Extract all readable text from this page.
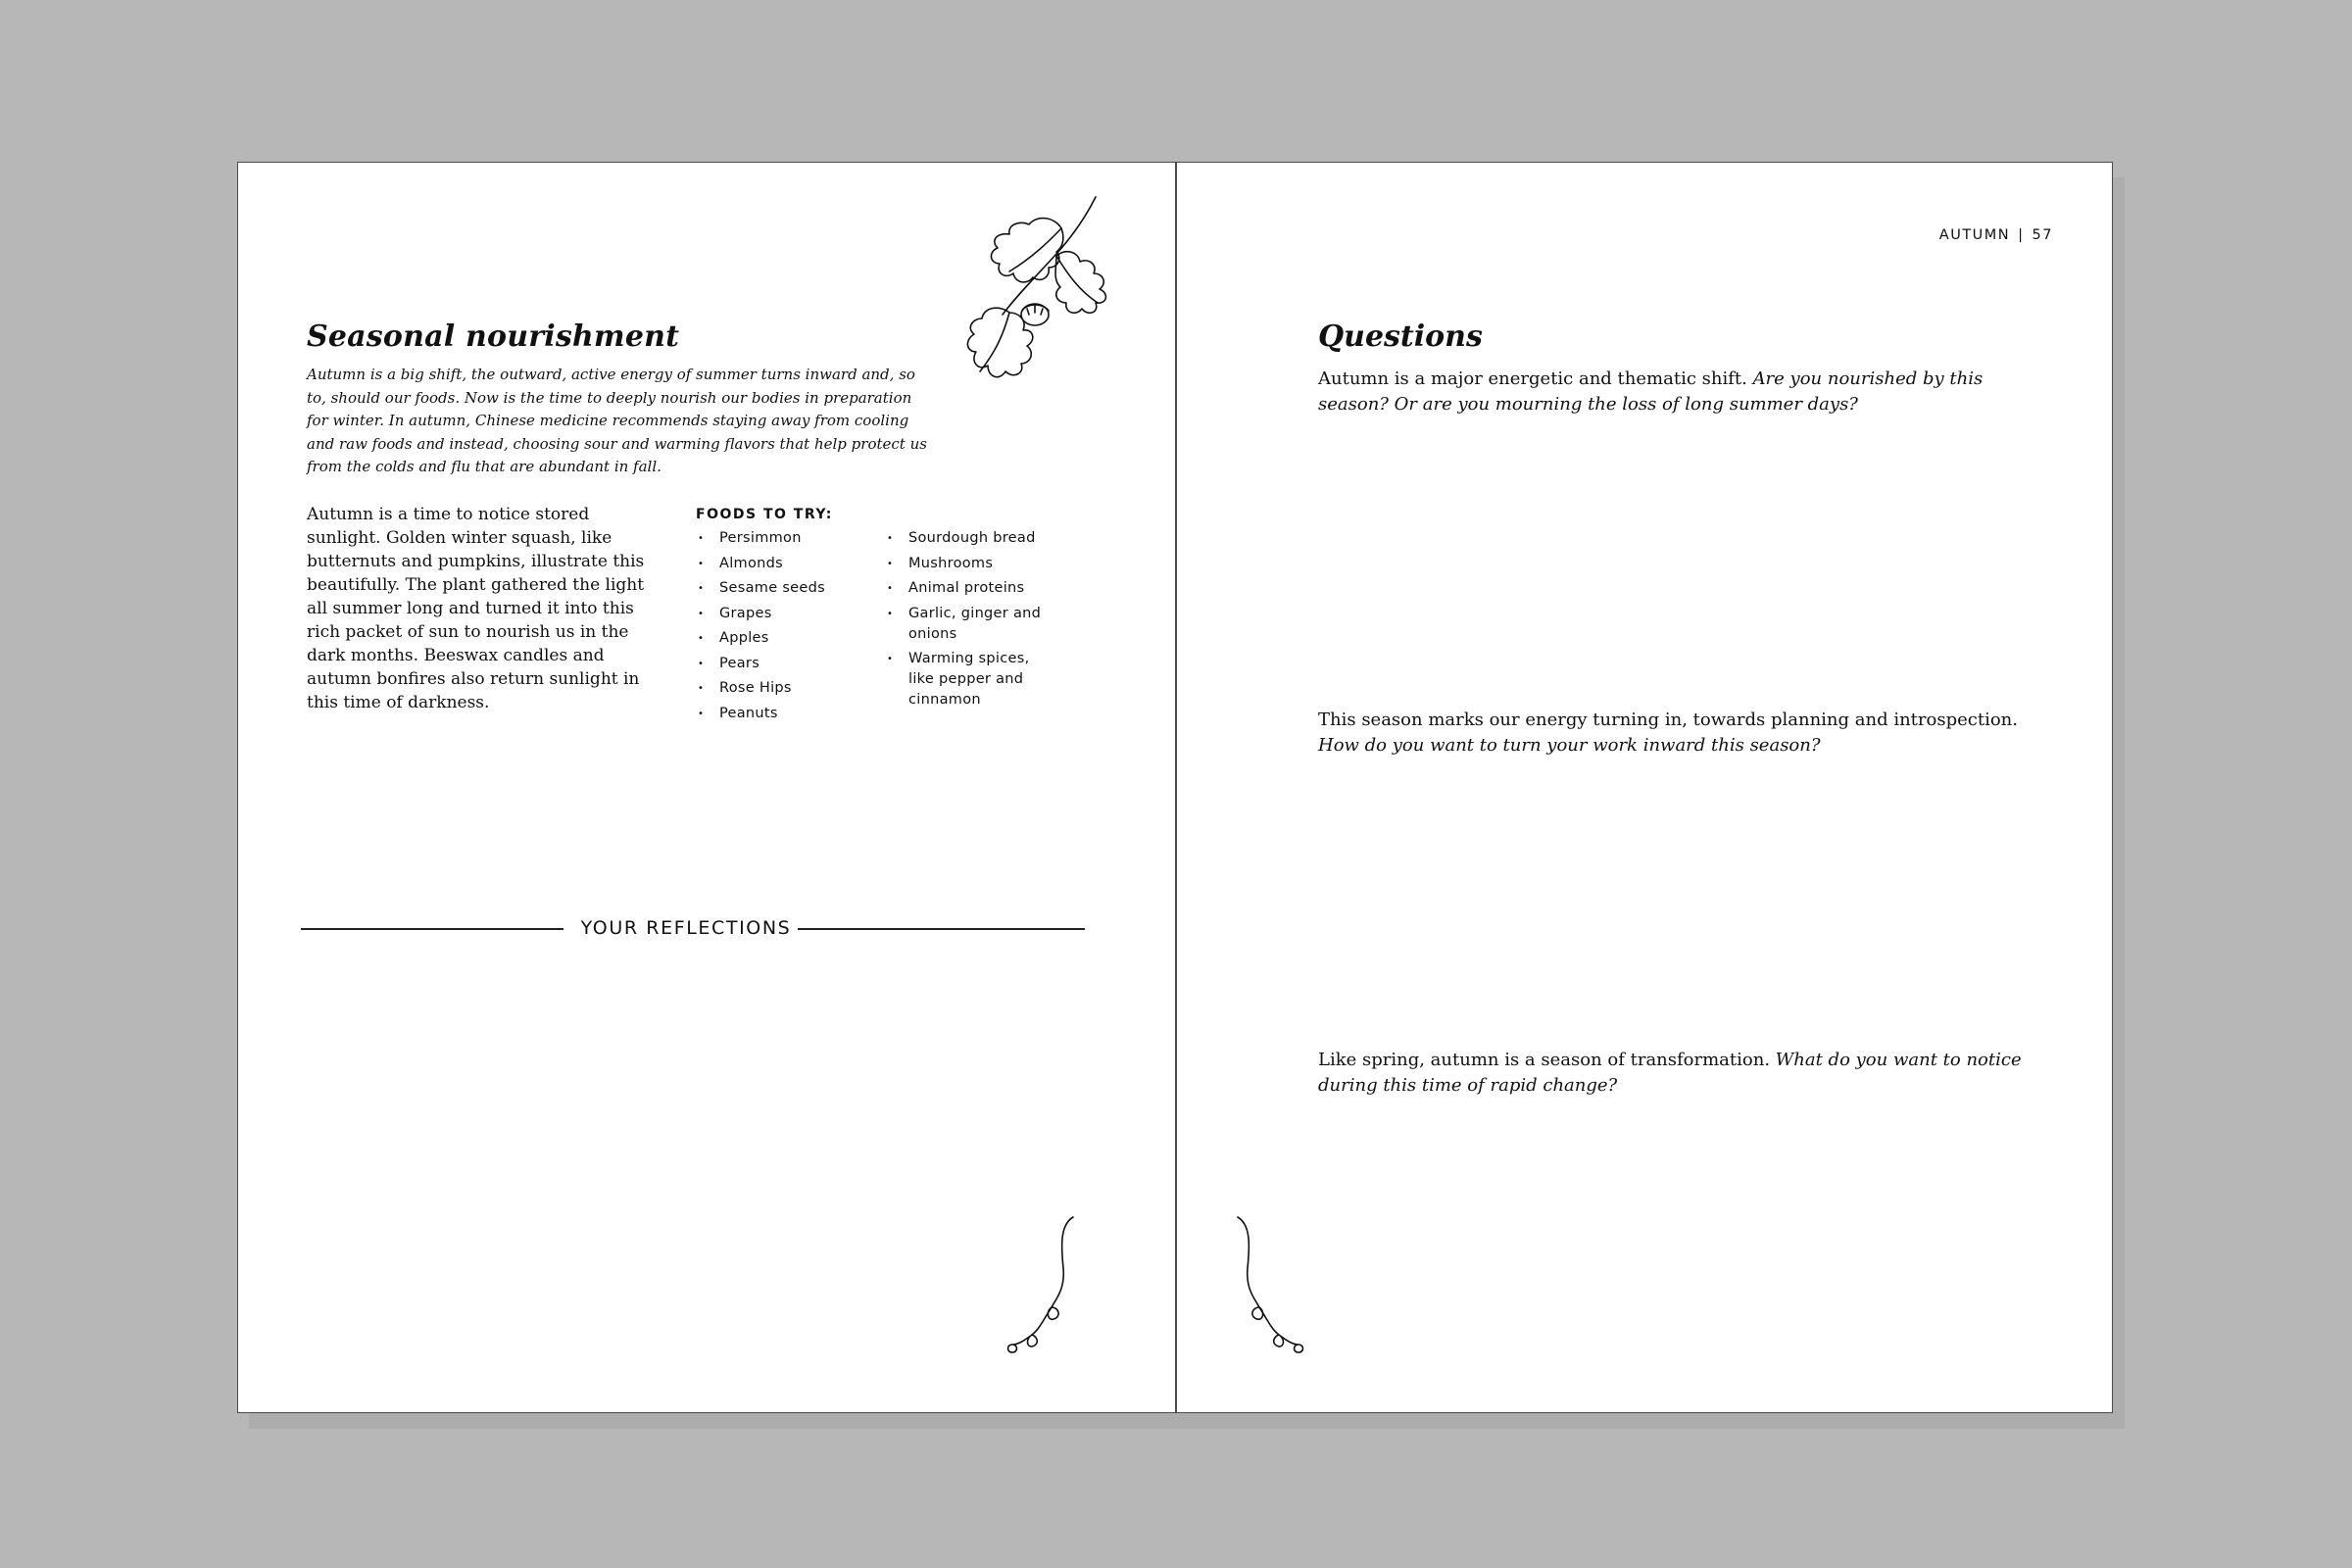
Seasonal nourishment
Autumn is a big shift, the outward, active energy of summer turns inward and, so to, should our foods. Now is the time to deeply nourish our bodies in preparation for winter. In autumn, Chinese medicine recommends staying away from cooling and raw foods and instead, choosing sour and warming flavors that help protect us from the colds and flu that are abundant in fall.
Autumn is a time to notice stored sunlight. Golden winter squash, like butternuts and pumpkins, illustrate this beautifully. The plant gathered the light all summer long and turned it into this rich packet of sun to nourish us in the dark months. Beeswax candles and autumn bonfires also return sunlight in this time of darkness.
FOODS TO TRY:
• Persimmon
• Almonds
• Sesame seeds
• Grapes
• Apples
• Pears
• Rose Hips
• Peanuts
• Sourdough bread
• Mushrooms
• Animal proteins
• Garlic, ginger and onions
• Warming spices, like pepper and cinnamon
YOUR REFLECTIONS
AUTUMN | 57
Questions
Autumn is a major energetic and thematic shift. Are you nourished by this season? Or are you mourning the loss of long summer days?
This season marks our energy turning in, towards planning and introspection. How do you want to turn your work inward this season?
Like spring, autumn is a season of transformation. What do you want to notice during this time of rapid change?
